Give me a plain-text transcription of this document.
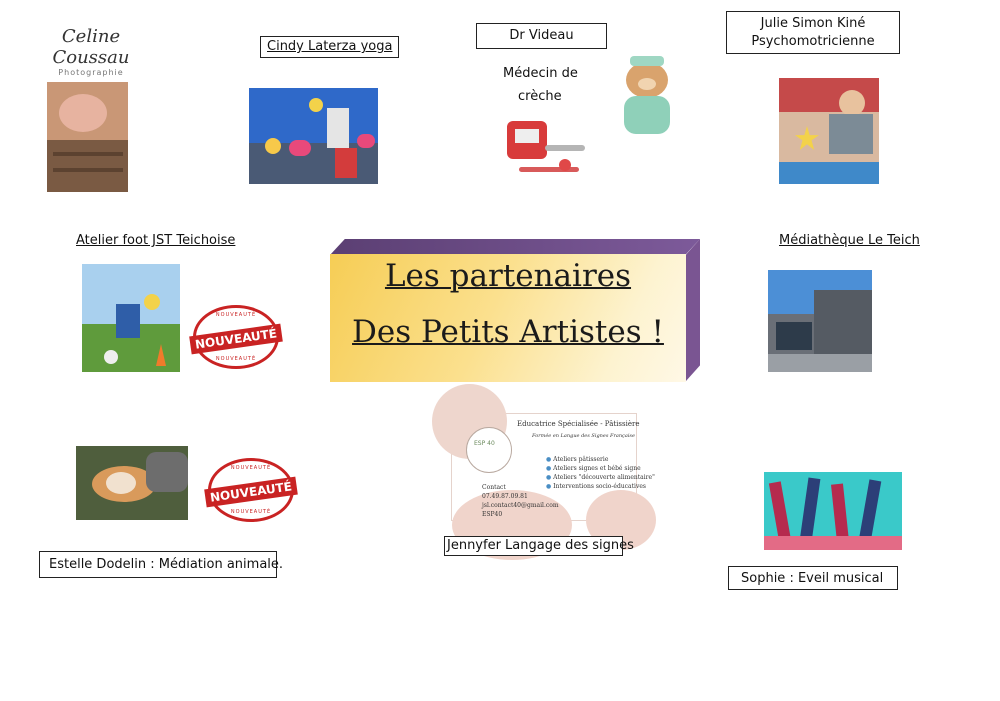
Celine Coussau
Photographie
Cindy Laterza yoga
Dr Videau
Médecin de
crèche
Julie Simon Kiné
Psychomotricienne
Atelier foot JST Teichoise
NOUVEAUTÉ
NOUVEAUTÉ
NOUVEAUTÉ
Les partenaires
Des Petits Artistes !
Médiathèque Le Teich
NOUVEAUTÉ
NOUVEAUTÉ
NOUVEAUTÉ
Estelle Dodelin : Médiation animale.
ESP 40
Educatrice Spécialisée - Pâtissière
Formée en Langue des Signes Française
● Ateliers pâtisserie
● Ateliers signes et bébé signe
● Ateliers "découverte alimentaire"
● Interventions socio-éducatives
Contact
07.49.87.09.81
jsl.contact40@gmail.com
ESP40
Jennyfer Langage des signes
Sophie : Eveil musical
